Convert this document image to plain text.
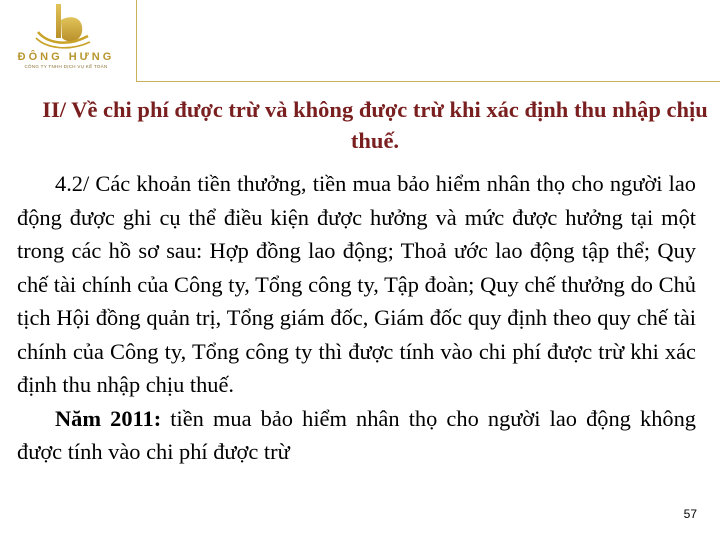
ĐÔNG HƯNG
CÔNG TY TNHH DỊCH VỤ KẾ TOÁN
II/ Về chi phí được trừ và không được trừ khi xác định thu nhập chịu thuế.

4.2/ Các khoản tiền thưởng, tiền mua bảo hiểm nhân thọ cho người lao động được ghi cụ thể điều kiện được hưởng và mức được hưởng tại một trong các hồ sơ sau: Hợp đồng lao động; Thoả ước lao động tập thể; Quy chế tài chính của Công ty, Tổng công ty, Tập đoàn; Quy chế thưởng do Chủ tịch Hội đồng quản trị, Tổng giám đốc, Giám đốc quy định theo quy chế tài chính của Công ty, Tổng công ty thì được tính vào chi phí được trừ khi xác định thu nhập chịu thuế.

Năm 2011: tiền mua bảo hiểm nhân thọ cho người lao động không được tính vào chi phí được trừ

57
